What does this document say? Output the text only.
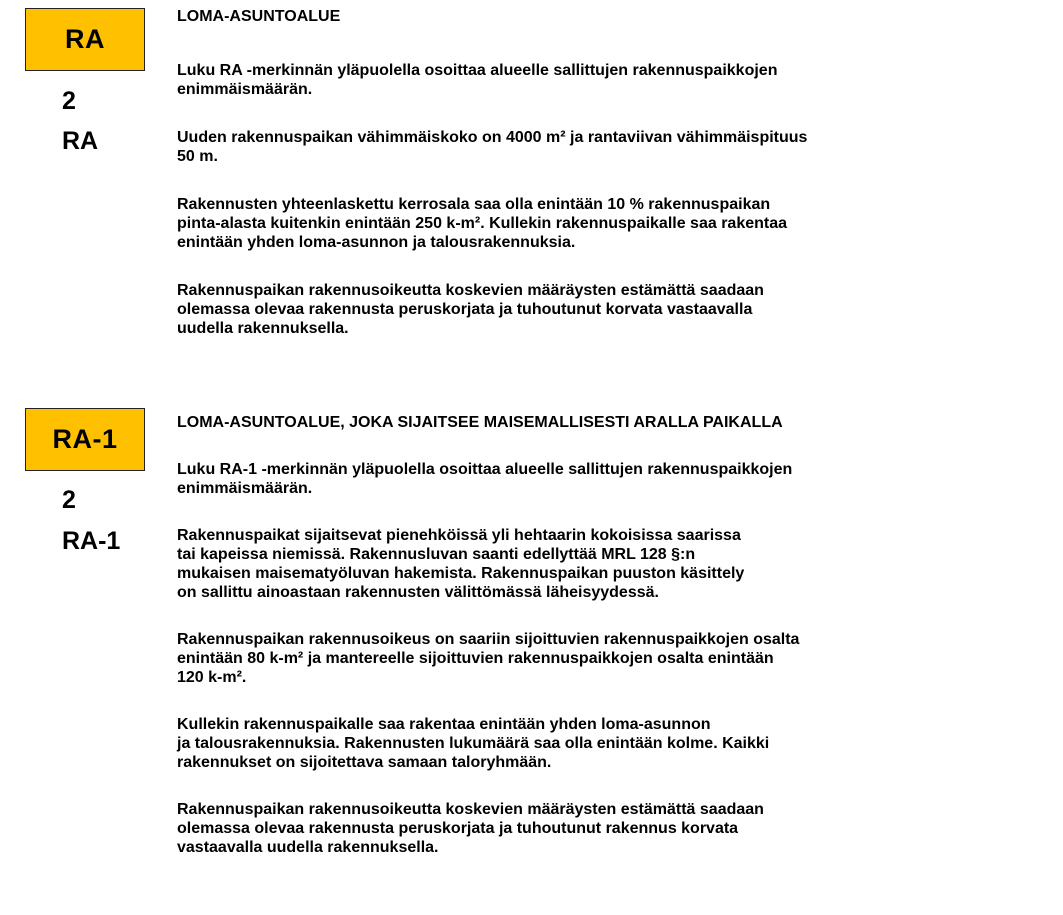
RA
2
RA
LOMA-ASUNTOALUE

Luku RA -merkinnän yläpuolella osoittaa alueelle sallittujen rakennuspaikkojen
enimmäismäärän.

Uuden rakennuspaikan vähimmäiskoko on 4000 m² ja rantaviivan vähimmäispituus
50 m.

Rakennusten yhteenlaskettu kerrosala saa olla enintään 10 % rakennuspaikan
pinta-alasta kuitenkin enintään 250 k-m². Kullekin rakennuspaikalle saa rakentaa
enintään yhden loma-asunnon ja talousrakennuksia.

Rakennuspaikan rakennusoikeutta koskevien määräysten estämättä saadaan
olemassa olevaa rakennusta peruskorjata ja tuhoutunut korvata vastaavalla
uudella rakennuksella.

RA-1
2
RA-1
LOMA-ASUNTOALUE, JOKA SIJAITSEE MAISEMALLISESTI ARALLA PAIKALLA

Luku RA-1 -merkinnän yläpuolella osoittaa alueelle sallittujen rakennuspaikkojen
enimmäismäärän.

Rakennuspaikat sijaitsevat pienehköissä yli hehtaarin kokoisissa saarissa
tai kapeissa niemissä. Rakennusluvan saanti edellyttää MRL 128 §:n
mukaisen maisematyöluvan hakemista. Rakennuspaikan puuston käsittely
on sallittu ainoastaan rakennusten välittömässä läheisyydessä.

Rakennuspaikan rakennusoikeus on saariin sijoittuvien rakennuspaikkojen osalta
enintään 80 k-m² ja mantereelle sijoittuvien rakennuspaikkojen osalta enintään
120 k-m².

Kullekin rakennuspaikalle saa rakentaa enintään yhden loma-asunnon
ja talousrakennuksia. Rakennusten lukumäärä saa olla enintään kolme. Kaikki
rakennukset on sijoitettava samaan taloryhmään.

Rakennuspaikan rakennusoikeutta koskevien määräysten estämättä saadaan
olemassa olevaa rakennusta peruskorjata ja tuhoutunut rakennus korvata
vastaavalla uudella rakennuksella.
